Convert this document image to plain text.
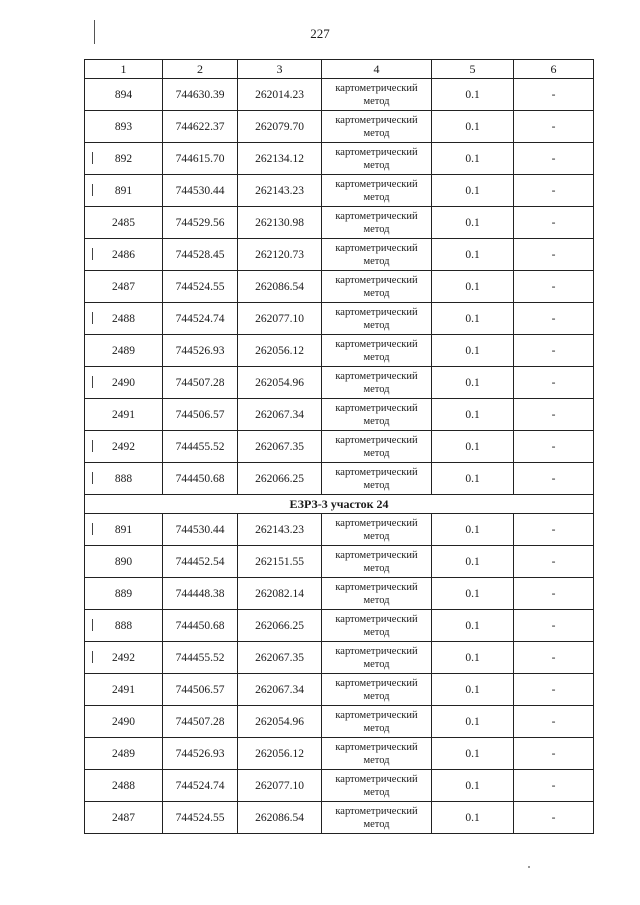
227
1	2	3	4	5	6
894	744630.39	262014.23	картометрический метод	0.1	-
893	744622.37	262079.70	картометрический метод	0.1	-
892	744615.70	262134.12	картометрический метод	0.1	-
891	744530.44	262143.23	картометрический метод	0.1	-
2485	744529.56	262130.98	картометрический метод	0.1	-
2486	744528.45	262120.73	картометрический метод	0.1	-
2487	744524.55	262086.54	картометрический метод	0.1	-
2488	744524.74	262077.10	картометрический метод	0.1	-
2489	744526.93	262056.12	картометрический метод	0.1	-
2490	744507.28	262054.96	картометрический метод	0.1	-
2491	744506.57	262067.34	картометрический метод	0.1	-
2492	744455.52	262067.35	картометрический метод	0.1	-
888	744450.68	262066.25	картометрический метод	0.1	-
ЕЗРЗ-3 участок 24					
891	744530.44	262143.23	картометрический метод	0.1	-
890	744452.54	262151.55	картометрический метод	0.1	-
889	744448.38	262082.14	картометрический метод	0.1	-
888	744450.68	262066.25	картометрический метод	0.1	-
2492	744455.52	262067.35	картометрический метод	0.1	-
2491	744506.57	262067.34	картометрический метод	0.1	-
2490	744507.28	262054.96	картометрический метод	0.1	-
2489	744526.93	262056.12	картометрический метод	0.1	-
2488	744524.74	262077.10	картометрический метод	0.1	-
2487	744524.55	262086.54	картометрический метод	0.1	-
